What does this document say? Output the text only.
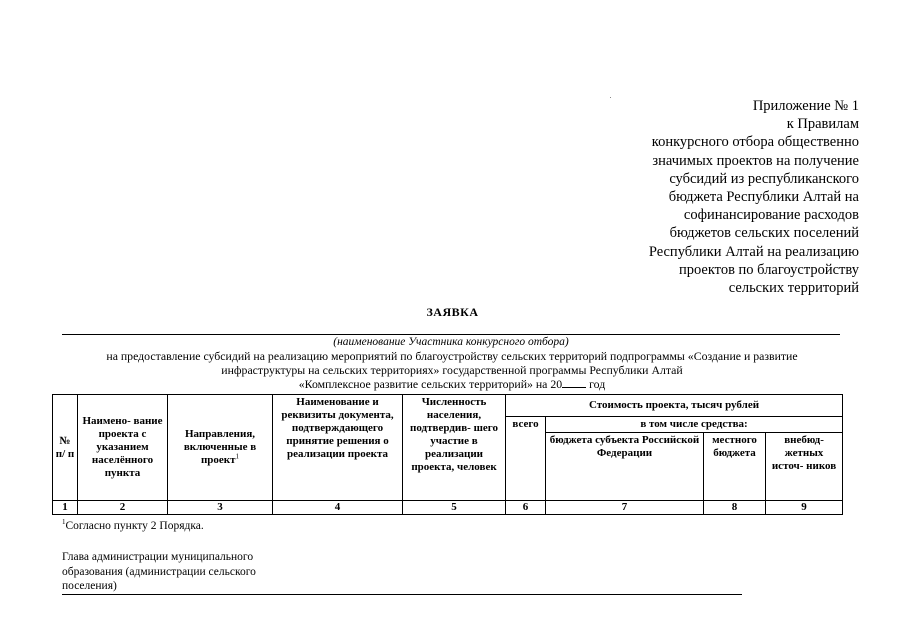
Приложение № 1
к Правилам
конкурсного отбора общественно
значимых проектов на получение
субсидий из республиканского
бюджета Республики Алтай на
софинансирование расходов
бюджетов сельских поселений
Республики Алтай на реализацию
проектов по благоустройству
сельских территорий
ЗАЯВКА
(наименование Участника конкурсного отбора)
на предоставление субсидий на реализацию мероприятий по благоустройству сельских территорий подпрограммы «Создание и развитие
инфраструктуры на сельских территориях» государственной программы Республики Алтай
«Комплексное развитие сельских территорий» на 20 год
№ п/ п	Наимено- вание проекта с указанием населённого пункта	Направления, включенные в проект$^1$	Наименование и реквизиты документа, подтверждающего принятие решения о реализации проекта	Численность населения, подтвердив- шего участие в реализации проекта, человек	Стоимость проекта, тысяч рублей			
					всего	в том числе средства:		
						бюджета субъекта Российской Федерации	местного бюджета	внебюд- жетных источ- ников
1	2	3	4	5	6	7	8	9
$^1$Согласно пункту 2 Порядка.
Глава администрации муниципального
образования (администрации сельского
поселения)
